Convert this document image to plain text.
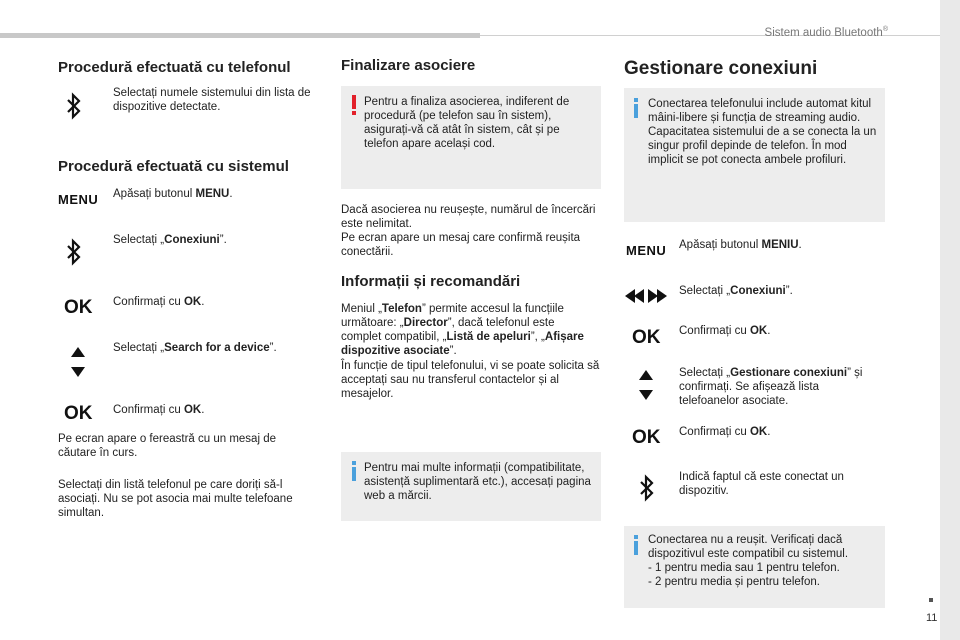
Sistem audio Bluetooth®
11
Procedură efectuată cu telefonul
Selectați numele sistemului din lista de dispozitive detectate.
Procedură efectuată cu sistemul
MENU Apăsați butonul MENU.
Selectați „Conexiuni”.
OK Confirmați cu OK.
Selectați „Search for a device”.
OK Confirmați cu OK.
Pe ecran apare o fereastră cu un mesaj de căutare în curs.
Selectați din listă telefonul pe care doriți să-l asociați. Nu se pot asocia mai multe telefoane simultan.
Finalizare asociere
Pentru a finaliza asocierea, indiferent de procedură (pe telefon sau în sistem), asigurați-vă că atât în sistem, cât și pe telefon apare același cod.
Dacă asocierea nu reușește, numărul de încercări este nelimitat.
Pe ecran apare un mesaj care confirmă reușita conectării.
Informații și recomandări
Meniul „Telefon” permite accesul la funcțiile următoare: „Director”, dacă telefonul este complet compatibil, „Listă de apeluri”, „Afișare dispozitive asociate”.
În funcție de tipul telefonului, vi se poate solicita să acceptați sau nu transferul contactelor și al mesajelor.
Pentru mai multe informații (compatibilitate, asistență suplimentară etc.), accesați pagina web a mărcii.
Gestionare conexiuni
Conectarea telefonului include automat kitul mâini-libere și funcția de streaming audio.
Capacitatea sistemului de a se conecta la un singur profil depinde de telefon. În mod implicit se pot conecta ambele profiluri.
MENU Apăsați butonul MENIU.
Selectați „Conexiuni”.
OK Confirmați cu OK.
Selectați „Gestionare conexiuni” și confirmați. Se afișează lista telefoanelor asociate.
OK Confirmați cu OK.
Indică faptul că este conectat un dispozitiv.
Conectarea nu a reușit. Verificați dacă dispozitivul este compatibil cu sistemul.
- 1 pentru media sau 1 pentru telefon.
- 2 pentru media și pentru telefon.
